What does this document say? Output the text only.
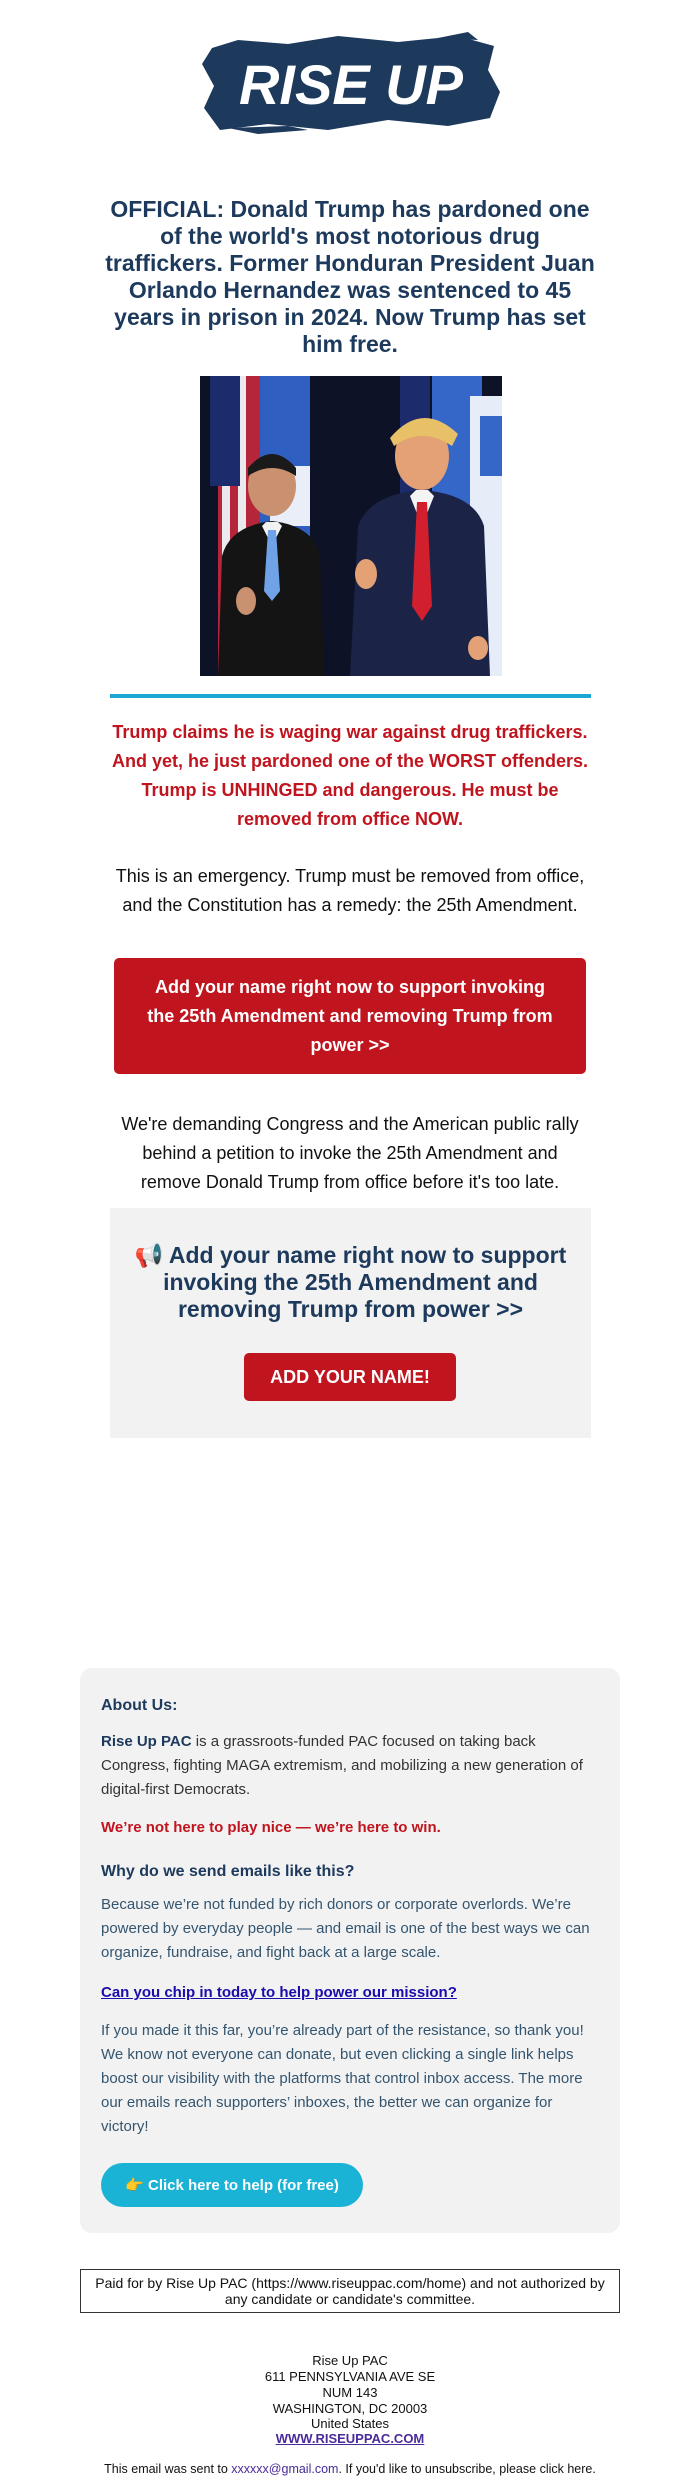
RISE UP
OFFICIAL: Donald Trump has pardoned one of the world's most notorious drug traffickers. Former Honduran President Juan Orlando Hernandez was sentenced to 45 years in prison in 2024. Now Trump has set him free.
Trump claims he is waging war against drug traffickers. And yet, he just pardoned one of the WORST offenders. Trump is UNHINGED and dangerous. He must be removed from office NOW.
This is an emergency. Trump must be removed from office, and the Constitution has a remedy: the 25th Amendment.
Add your name right now to support invoking the 25th Amendment and removing Trump from power >>
We're demanding Congress and the American public rally behind a petition to invoke the 25th Amendment and remove Donald Trump from office before it's too late.
📢 Add your name right now to support invoking the 25th Amendment and removing Trump from power >>
ADD YOUR NAME!
About Us:
Rise Up PAC is a grassroots-funded PAC focused on taking back Congress, fighting MAGA extremism, and mobilizing a new generation of digital-first Democrats.
We’re not here to play nice — we’re here to win.
Why do we send emails like this?
Because we’re not funded by rich donors or corporate overlords. We’re powered by everyday people — and email is one of the best ways we can organize, fundraise, and fight back at a large scale.
Can you chip in today to help power our mission?
If you made it this far, you’re already part of the resistance, so thank you! We know not everyone can donate, but even clicking a single link helps boost our visibility with the platforms that control inbox access. The more our emails reach supporters’ inboxes, the better we can organize for victory!
👉 Click here to help (for free)
Paid for by Rise Up PAC (https://www.riseuppac.com/home) and not authorized by any candidate or candidate's committee.
Rise Up PAC
611 PENNSYLVANIA AVE SE
NUM 143
WASHINGTON, DC 20003
United States
WWW.RISEUPPAC.COM
This email was sent to xxxxxx@gmail.com. If you'd like to unsubscribe, please click here.
